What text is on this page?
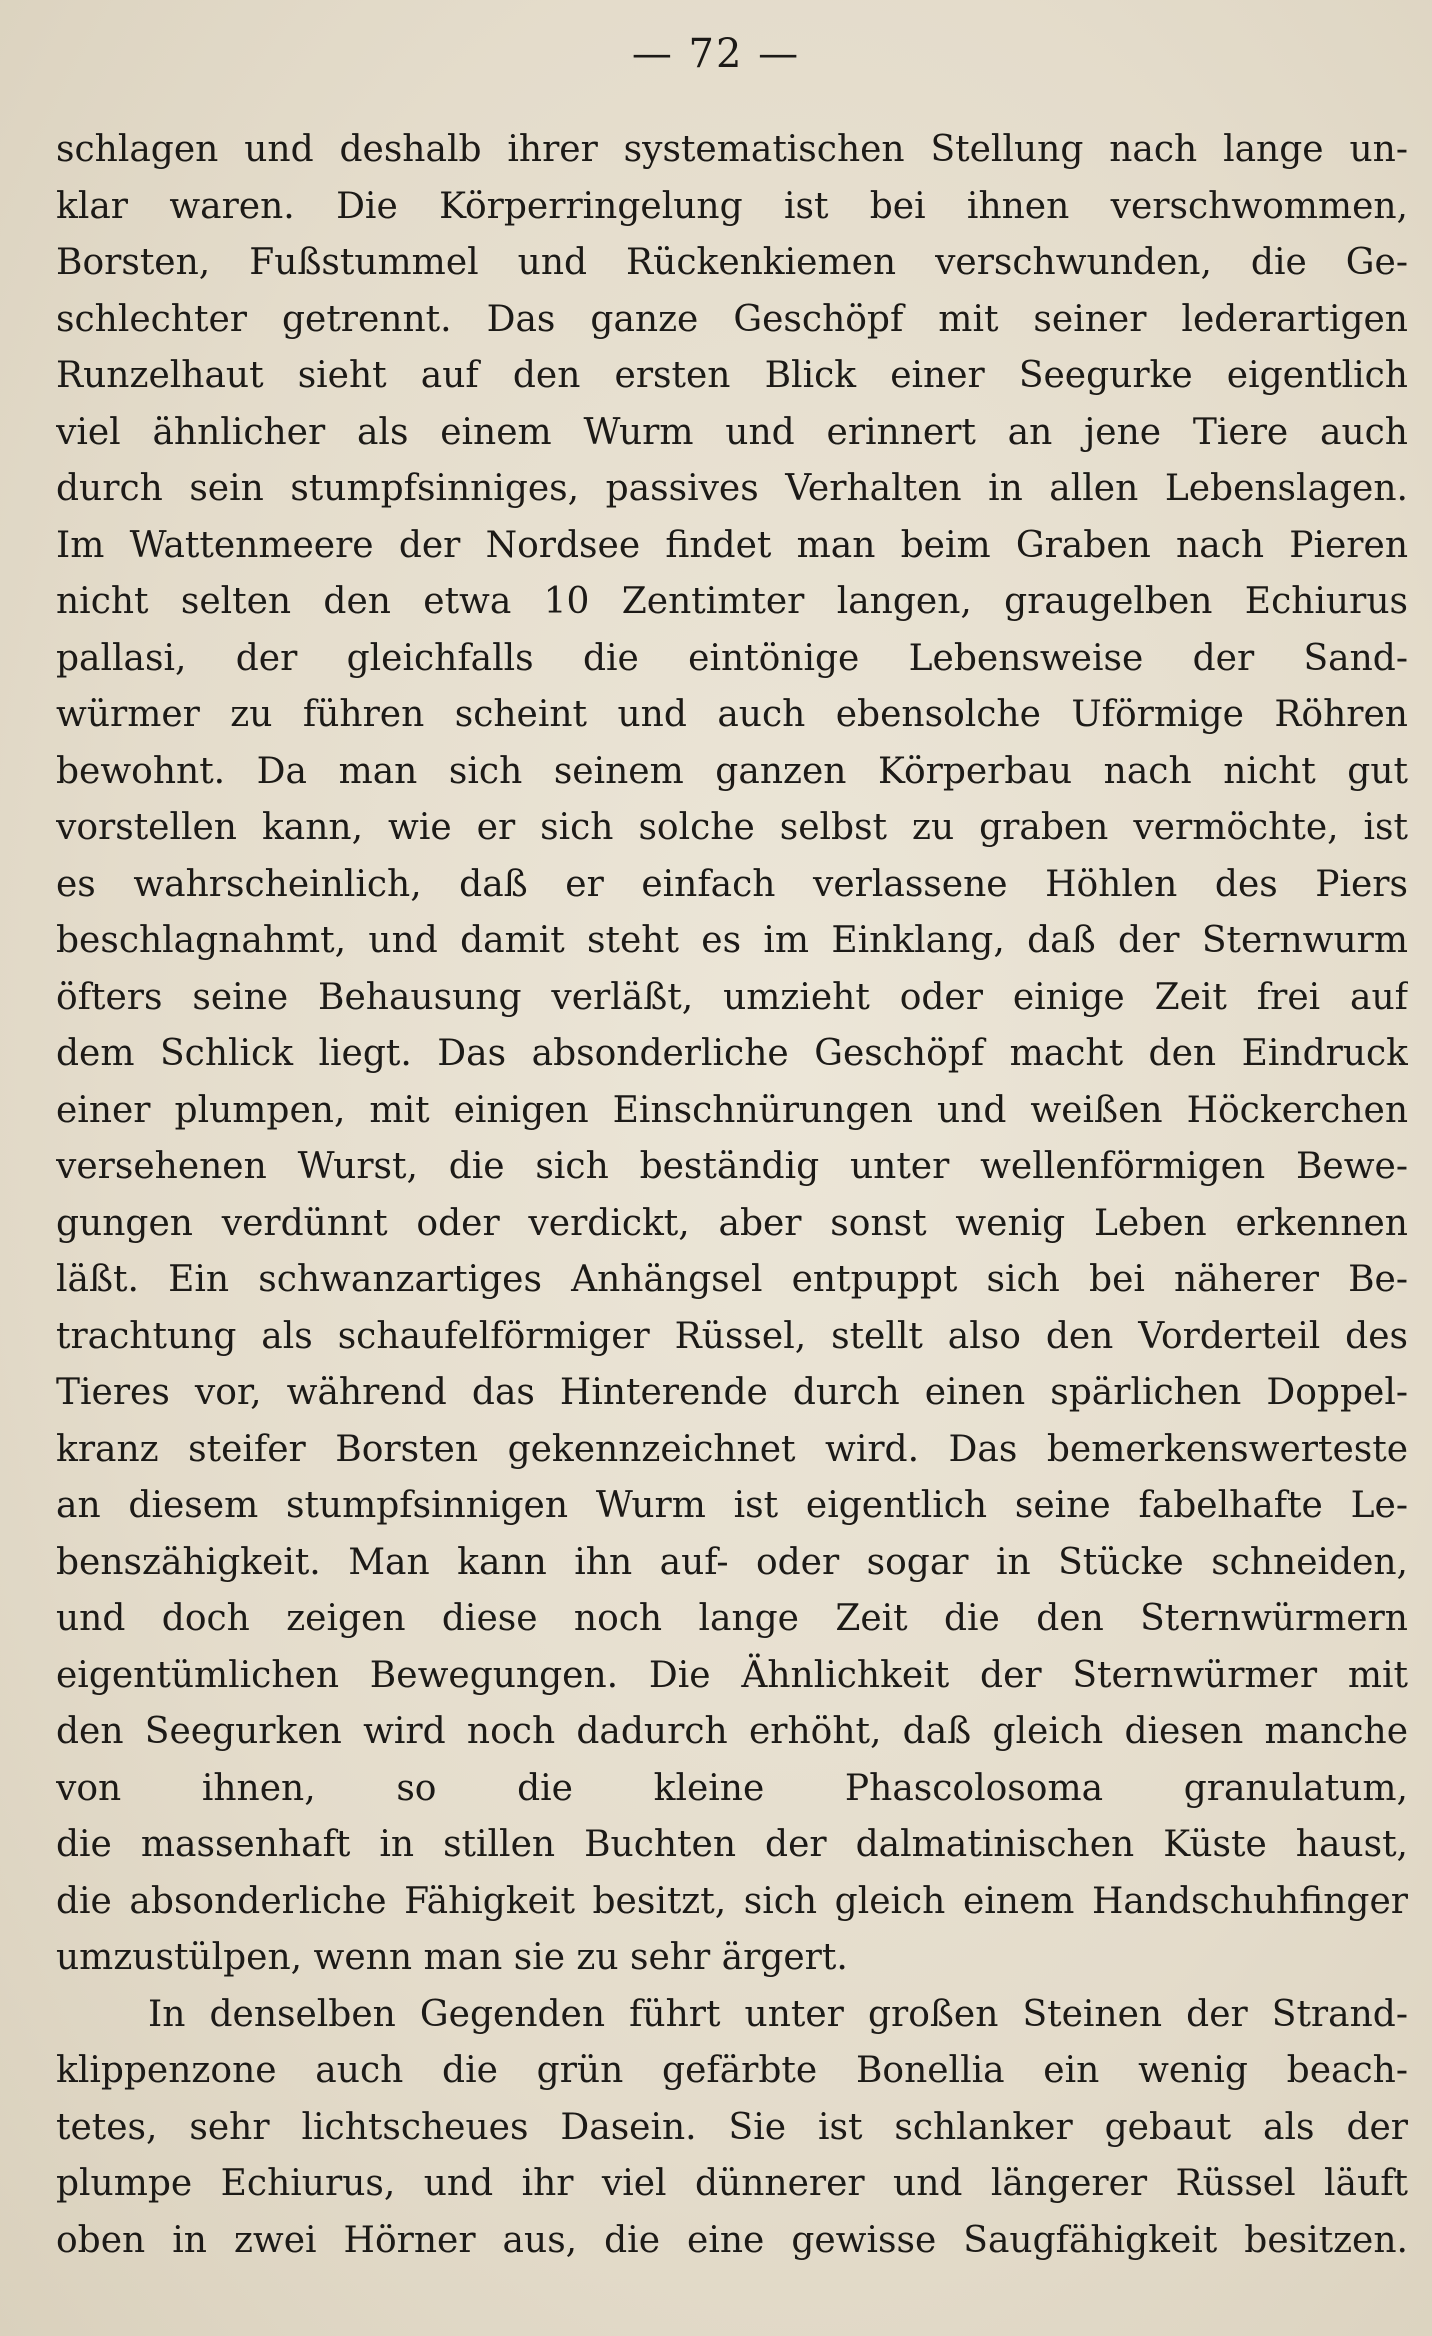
— 72 —
schlagen und deshalb ihrer systematischen Stellung nach lange un-
klar waren. Die Körperringelung ist bei ihnen verschwommen,
Borsten, Fußstummel und Rückenkiemen verschwunden, die Ge-
schlechter getrennt. Das ganze Geschöpf mit seiner lederartigen
Runzelhaut sieht auf den ersten Blick einer Seegurke eigentlich
viel ähnlicher als einem Wurm und erinnert an jene Tiere auch
durch sein stumpfsinniges, passives Verhalten in allen Lebenslagen.
Im Wattenmeere der Nordsee findet man beim Graben nach Pieren
nicht selten den etwa 10 Zentimter langen, graugelben Echiurus
pallasi, der gleichfalls die eintönige Lebensweise der Sand-
würmer zu führen scheint und auch ebensolche Uförmige Röhren
bewohnt. Da man sich seinem ganzen Körperbau nach nicht gut
vorstellen kann, wie er sich solche selbst zu graben vermöchte, ist
es wahrscheinlich, daß er einfach verlassene Höhlen des Piers
beschlagnahmt, und damit steht es im Einklang, daß der Sternwurm
öfters seine Behausung verläßt, umzieht oder einige Zeit frei auf
dem Schlick liegt. Das absonderliche Geschöpf macht den Eindruck
einer plumpen, mit einigen Einschnürungen und weißen Höckerchen
versehenen Wurst, die sich beständig unter wellenförmigen Bewe-
gungen verdünnt oder verdickt, aber sonst wenig Leben erkennen
läßt. Ein schwanzartiges Anhängsel entpuppt sich bei näherer Be-
trachtung als schaufelförmiger Rüssel, stellt also den Vorderteil des
Tieres vor, während das Hinterende durch einen spärlichen Doppel-
kranz steifer Borsten gekennzeichnet wird. Das bemerkenswerteste
an diesem stumpfsinnigen Wurm ist eigentlich seine fabelhafte Le-
benszähigkeit. Man kann ihn auf- oder sogar in Stücke schneiden,
und doch zeigen diese noch lange Zeit die den Sternwürmern
eigentümlichen Bewegungen. Die Ähnlichkeit der Sternwürmer mit
den Seegurken wird noch dadurch erhöht, daß gleich diesen manche
von ihnen, so die kleine Phascolosoma granulatum,
die massenhaft in stillen Buchten der dalmatinischen Küste haust,
die absonderliche Fähigkeit besitzt, sich gleich einem Handschuhfinger
umzustülpen, wenn man sie zu sehr ärgert.
In denselben Gegenden führt unter großen Steinen der Strand-
klippenzone auch die grün gefärbte Bonellia ein wenig beach-
tetes, sehr lichtscheues Dasein. Sie ist schlanker gebaut als der
plumpe Echiurus, und ihr viel dünnerer und längerer Rüssel läuft
oben in zwei Hörner aus, die eine gewisse Saugfähigkeit besitzen.
